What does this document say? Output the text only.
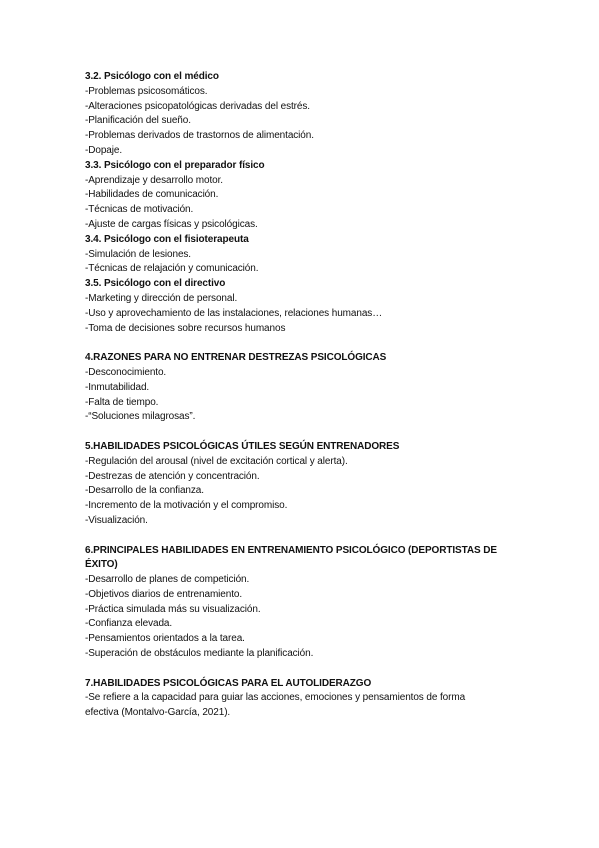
3.2. Psicólogo con el médico
-Problemas psicosomáticos.
-Alteraciones psicopatológicas derivadas del estrés.
-Planificación del sueño.
-Problemas derivados de trastornos de alimentación.
-Dopaje.
3.3. Psicólogo con el preparador físico
-Aprendizaje y desarrollo motor.
-Habilidades de comunicación.
-Técnicas de motivación.
-Ajuste de cargas físicas y psicológicas.
3.4. Psicólogo con el fisioterapeuta
-Simulación de lesiones.
-Técnicas de relajación y comunicación.
3.5. Psicólogo con el directivo
-Marketing y dirección de personal.
-Uso y aprovechamiento de las instalaciones, relaciones humanas…
-Toma de decisiones sobre recursos humanos
4.RAZONES PARA NO ENTRENAR DESTREZAS PSICOLÓGICAS
-Desconocimiento.
-Inmutabilidad.
-Falta de tiempo.
-“Soluciones milagrosas”.
5.HABILIDADES PSICOLÓGICAS ÚTILES SEGÚN ENTRENADORES
-Regulación del arousal (nivel de excitación cortical y alerta).
-Destrezas de atención y concentración.
-Desarrollo de la confianza.
-Incremento de la motivación y el compromiso.
-Visualización.
6.PRINCIPALES HABILIDADES EN ENTRENAMIENTO PSICOLÓGICO (DEPORTISTAS DE
ÉXITO)
-Desarrollo de planes de competición.
-Objetivos diarios de entrenamiento.
-Práctica simulada más su visualización.
-Confianza elevada.
-Pensamientos orientados a la tarea.
-Superación de obstáculos mediante la planificación.
7.HABILIDADES PSICOLÓGICAS PARA EL AUTOLIDERAZGO
-Se refiere a la capacidad para guiar las acciones, emociones y pensamientos de forma
efectiva (Montalvo-García, 2021).
